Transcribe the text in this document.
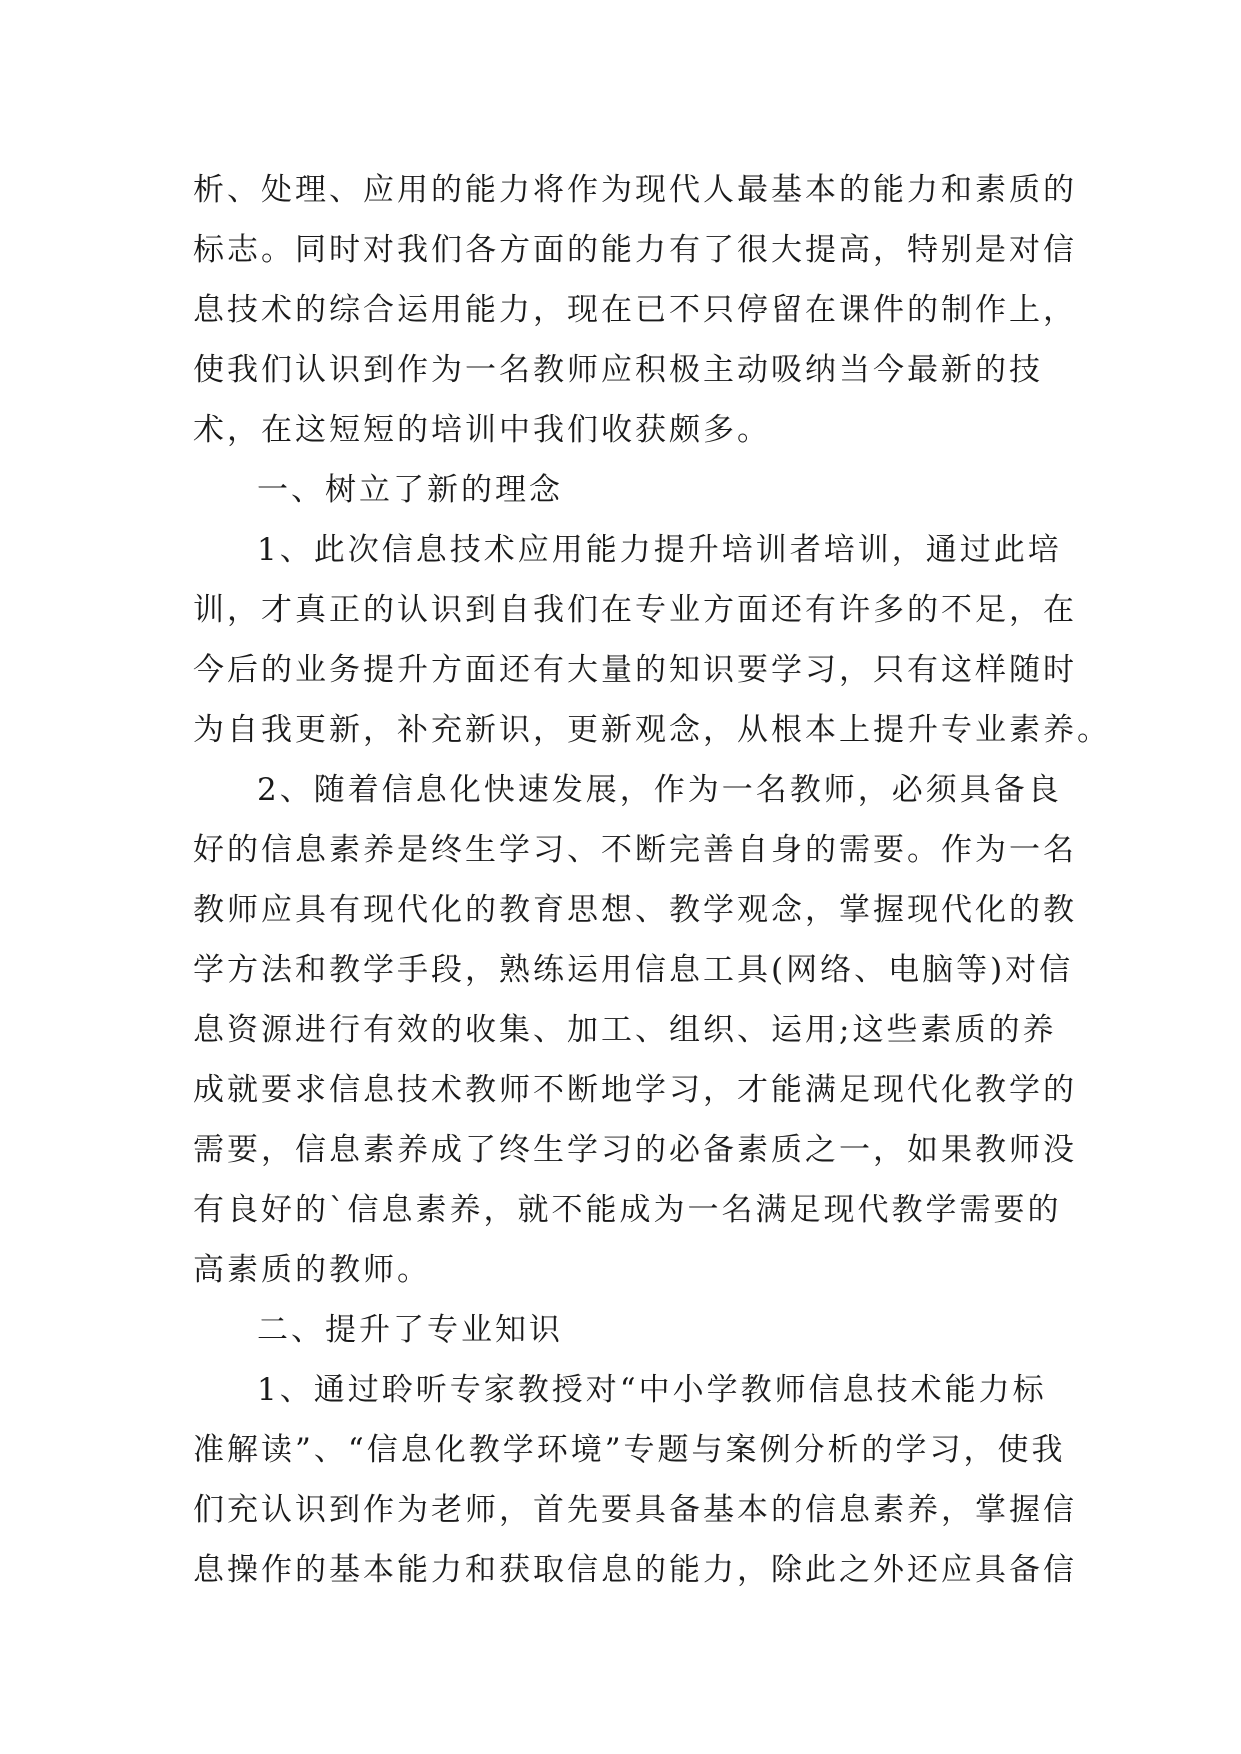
析、处理、应用的能力将作为现代人最基本的能力和素质的
标志。同时对我们各方面的能力有了很大提高，特别是对信
息技术的综合运用能力，现在已不只停留在课件的制作上，
使我们认识到作为一名教师应积极主动吸纳当今最新的技
术，在这短短的培训中我们收获颇多。
一、树立了新的理念
1、此次信息技术应用能力提升培训者培训，通过此培
训，才真正的认识到自我们在专业方面还有许多的不足，在
今后的业务提升方面还有大量的知识要学习，只有这样随时
为自我更新，补充新识，更新观念，从根本上提升专业素养。
2、随着信息化快速发展，作为一名教师，必须具备良
好的信息素养是终生学习、不断完善自身的需要。作为一名
教师应具有现代化的教育思想、教学观念，掌握现代化的教
学方法和教学手段，熟练运用信息工具(网络、电脑等)对信
息资源进行有效的收集、加工、组织、运用;这些素质的养
成就要求信息技术教师不断地学习，才能满足现代化教学的
需要，信息素养成了终生学习的必备素质之一，如果教师没
有良好的`信息素养，就不能成为一名满足现代教学需要的
高素质的教师。
二、提升了专业知识
1、通过聆听专家教授对“中小学教师信息技术能力标
准解读”、“信息化教学环境”专题与案例分析的学习，使我
们充认识到作为老师，首先要具备基本的信息素养，掌握信
息操作的基本能力和获取信息的能力，除此之外还应具备信
